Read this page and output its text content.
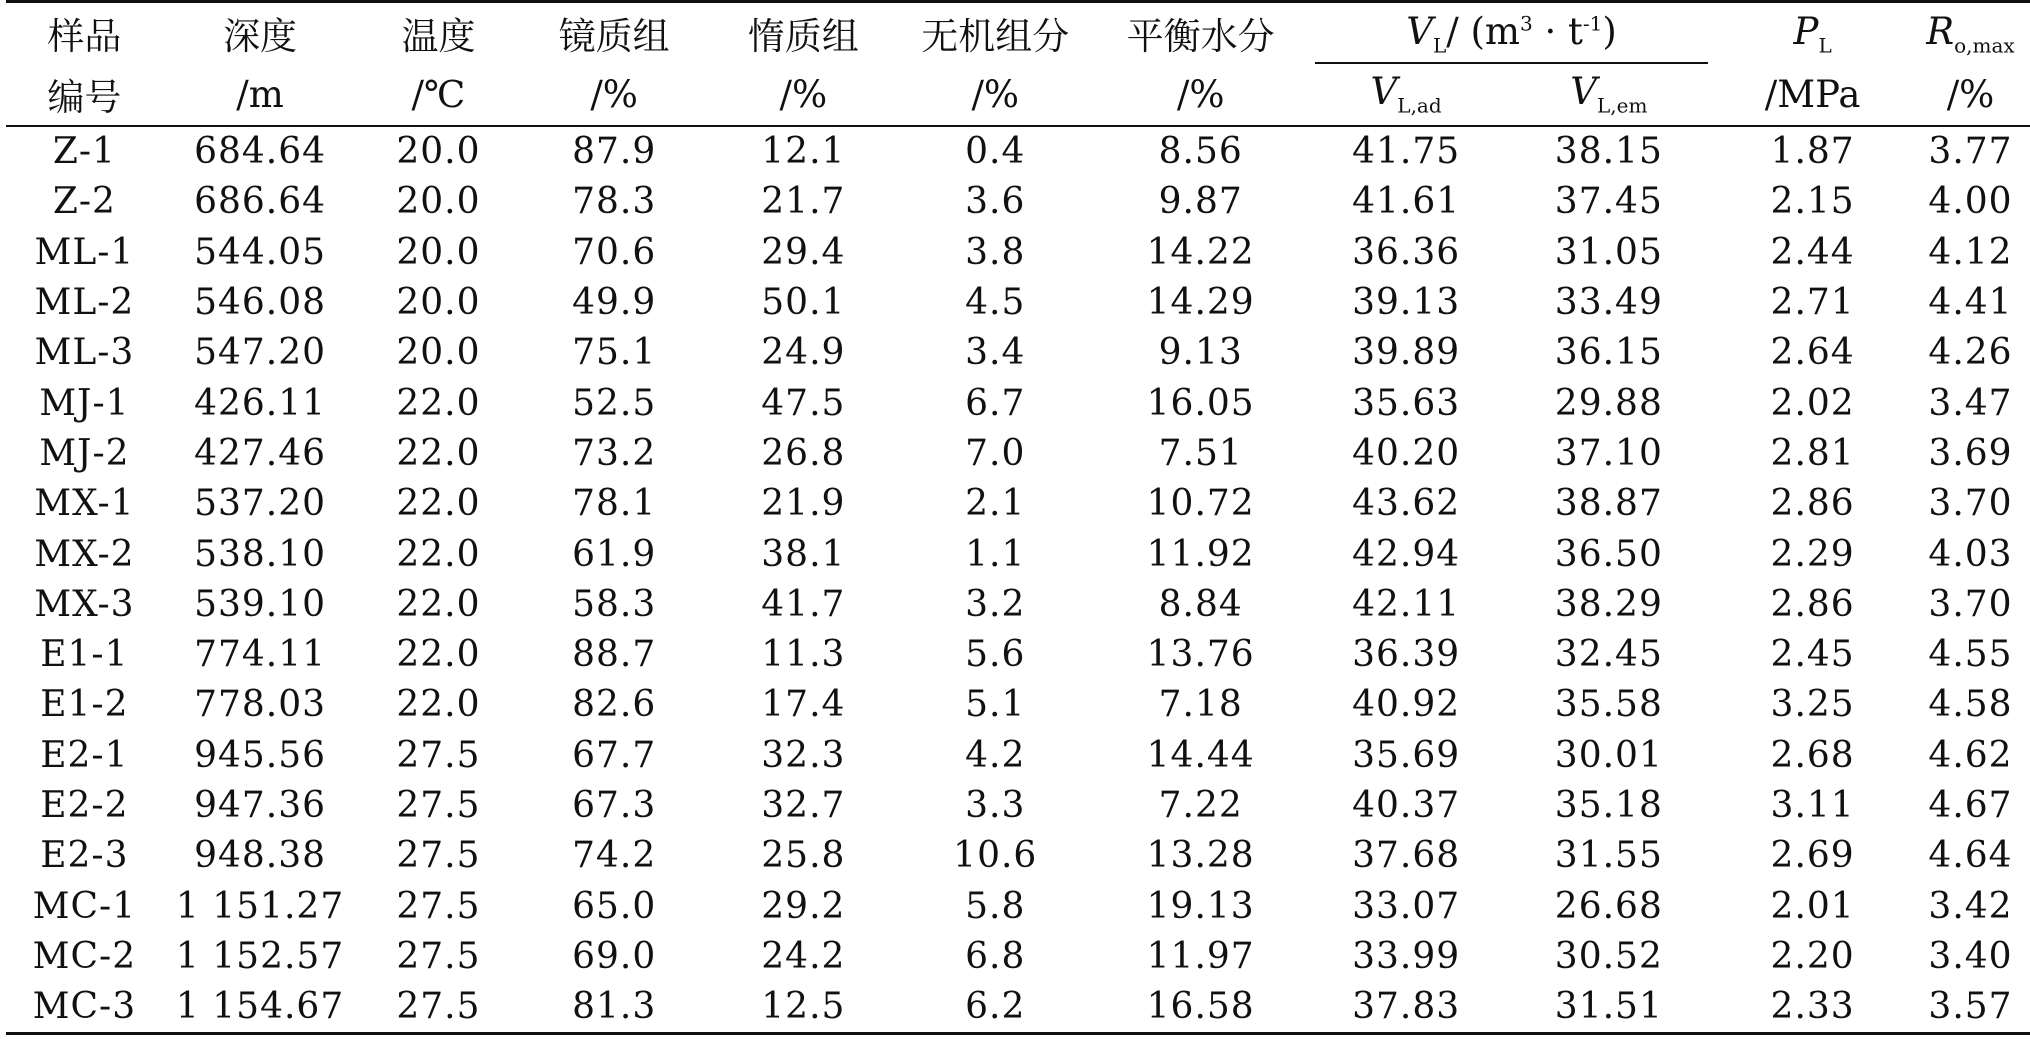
样品	深度	温度	镜质组	惰质组	无机组分	平衡水分	$V_L/$ $(m^3 \cdot t^{-1})$		$P_L$	$R_{o,max}$
编号	/m	/℃	/%	/%	/%	/%	$V_{L,ad}$	$V_{L,em}$	/MPa	/%
Z-1	684.64	20.0	87.9	12.1	0.4	8.56	41.75	38.15	1.87	3.77
Z-2	686.64	20.0	78.3	21.7	3.6	9.87	41.61	37.45	2.15	4.00
ML-1	544.05	20.0	70.6	29.4	3.8	14.22	36.36	31.05	2.44	4.12
ML-2	546.08	20.0	49.9	50.1	4.5	14.29	39.13	33.49	2.71	4.41
ML-3	547.20	20.0	75.1	24.9	3.4	9.13	39.89	36.15	2.64	4.26
MJ-1	426.11	22.0	52.5	47.5	6.7	16.05	35.63	29.88	2.02	3.47
MJ-2	427.46	22.0	73.2	26.8	7.0	7.51	40.20	37.10	2.81	3.69
MX-1	537.20	22.0	78.1	21.9	2.1	10.72	43.62	38.87	2.86	3.70
MX-2	538.10	22.0	61.9	38.1	1.1	11.92	42.94	36.50	2.29	4.03
MX-3	539.10	22.0	58.3	41.7	3.2	8.84	42.11	38.29	2.86	3.70
E1-1	774.11	22.0	88.7	11.3	5.6	13.76	36.39	32.45	2.45	4.55
E1-2	778.03	22.0	82.6	17.4	5.1	7.18	40.92	35.58	3.25	4.58
E2-1	945.56	27.5	67.7	32.3	4.2	14.44	35.69	30.01	2.68	4.62
E2-2	947.36	27.5	67.3	32.7	3.3	7.22	40.37	35.18	3.11	4.67
E2-3	948.38	27.5	74.2	25.8	10.6	13.28	37.68	31.55	2.69	4.64
MC-1	1 151.27	27.5	65.0	29.2	5.8	19.13	33.07	26.68	2.01	3.42
MC-2	1 152.57	27.5	69.0	24.2	6.8	11.97	33.99	30.52	2.20	3.40
MC-3	1 154.67	27.5	81.3	12.5	6.2	16.58	37.83	31.51	2.33	3.57
